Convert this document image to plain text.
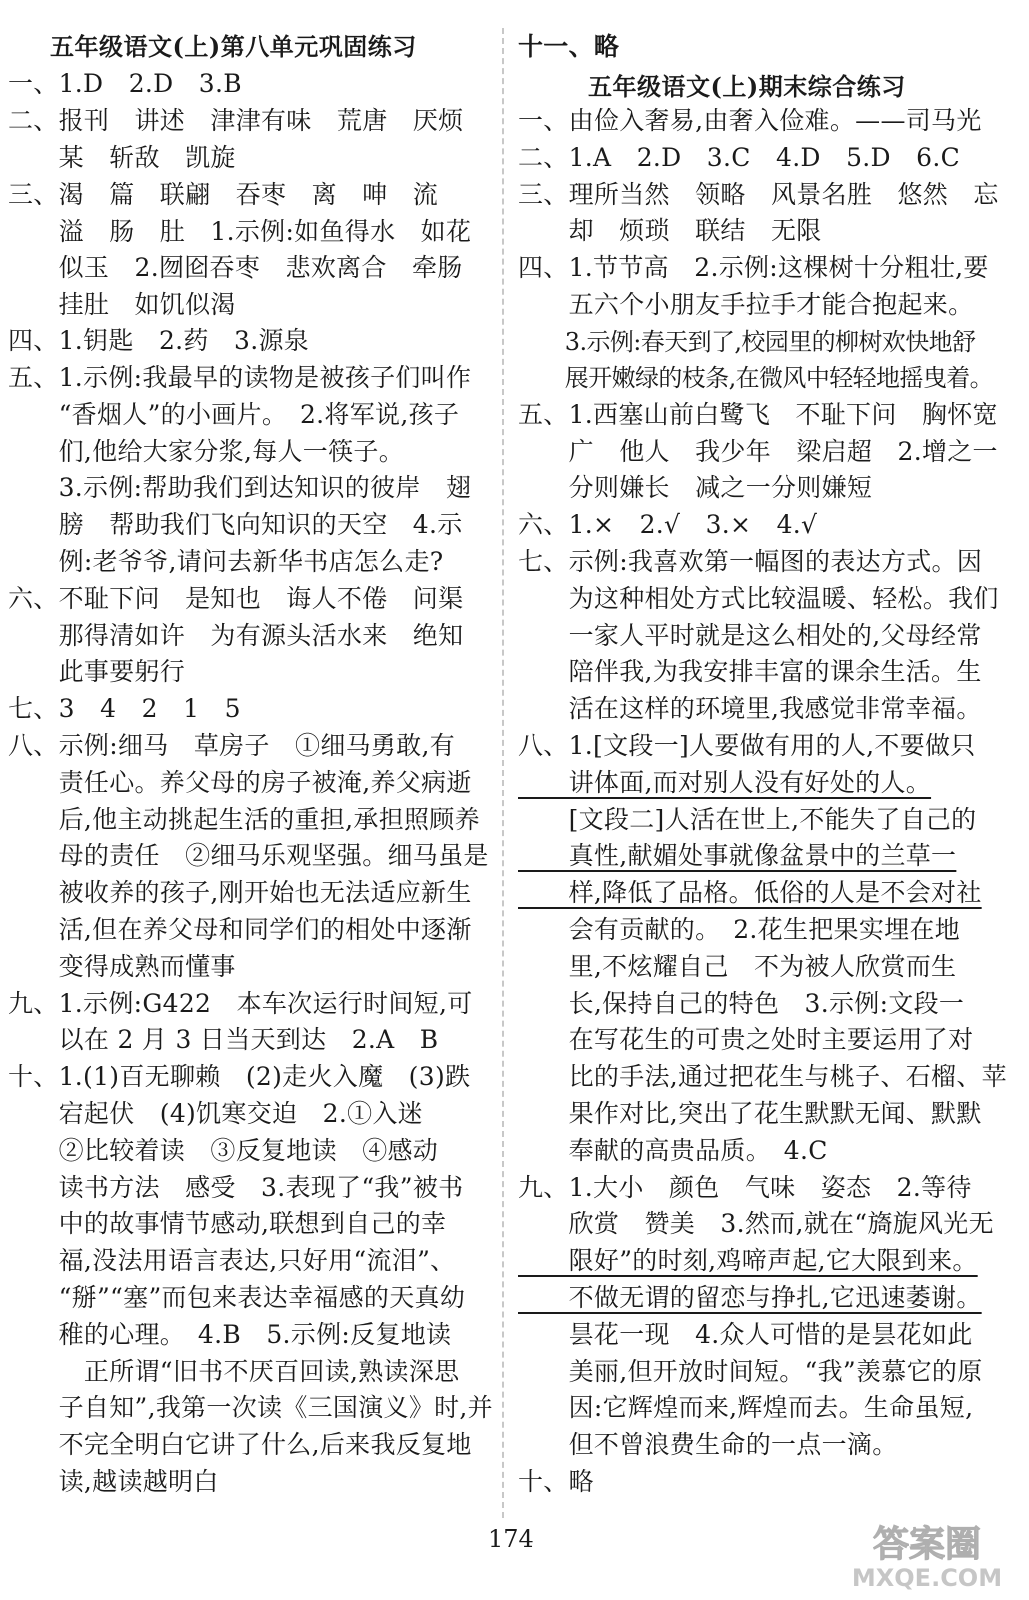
五年级语文(上)第八单元巩固练习
一、1.D　2.D　3.B
二、报刊　讲述　津津有味　荒唐　厌烦
　　某　斩敌　凯旋
三、渴　篇　联翩　吞枣　离　呻　流
　　溢　肠　肚　1.示例:如鱼得水　如花
　　似玉　2.囫囵吞枣　悲欢离合　牵肠
　　挂肚　如饥似渴
四、1.钥匙　2.药　3.源泉
五、1.示例:我最早的读物是被孩子们叫作
　　“香烟人”的小画片。　2.将军说,孩子
　　们,他给大家分浆,每人一筷子。
　　3.示例:帮助我们到达知识的彼岸　翅
　　膀　帮助我们飞向知识的天空　4.示
　　例:老爷爷,请问去新华书店怎么走?
六、不耻下问　是知也　诲人不倦　问渠
　　那得清如许　为有源头活水来　绝知
　　此事要躬行
七、3　4　2　1　5
八、示例:细马　草房子　①细马勇敢,有
　　责任心。养父母的房子被淹,养父病逝
　　后,他主动挑起生活的重担,承担照顾养
　　母的责任　②细马乐观坚强。细马虽是
　　被收养的孩子,刚开始也无法适应新生
　　活,但在养父母和同学们的相处中逐渐
　　变得成熟而懂事
九、1.示例:G422　本车次运行时间短,可
　　以在 2 月 3 日当天到达　2.A　B
十、1.(1)百无聊赖　(2)走火入魔　(3)跌
　　宕起伏　(4)饥寒交迫　2.①入迷
　　②比较着读　③反复地读　④感动
　　读书方法　感受　3.表现了“我”被书
　　中的故事情节感动,联想到自己的幸
　　福,没法用语言表达,只好用“流泪”、
　　“掰”“塞”而包来表达幸福感的天真幼
　　稚的心理。　4.B　5.示例:反复地读
　　　正所谓“旧书不厌百回读,熟读深思
　　子自知”,我第一次读《三国演义》时,并
　　不完全明白它讲了什么,后来我反复地
　　读,越读越明白
十一、略
五年级语文(上)期末综合练习
一、由俭入奢易,由奢入俭难。——司马光
二、1.A　2.D　3.C　4.D　5.D　6.C
三、理所当然　领略　风景名胜　悠然　忘
　　却　烦琐　联结　无限
四、1.节节高　2.示例:这棵树十分粗壮,要
　　五六个小朋友手拉手才能合抱起来。
　　3.示例:春天到了,校园里的柳树欢快地舒
　　展开嫩绿的枝条,在微风中轻轻地摇曳着。
五、1.西塞山前白鹭飞　不耻下问　胸怀宽
　　广　他人　我少年　梁启超　2.增之一
　　分则嫌长　减之一分则嫌短
六、1.×　2.√　3.×　4.√
七、示例:我喜欢第一幅图的表达方式。因
　　为这种相处方式比较温暖、轻松。我们
　　一家人平时就是这么相处的,父母经常
　　陪伴我,为我安排丰富的课余生活。生
　　活在这样的环境里,我感觉非常幸福。
八、1.[文段一]人要做有用的人,不要做只
　　讲体面,而对别人没有好处的人。
　　[文段二]人活在世上,不能失了自己的
　　真性,献媚处事就像盆景中的兰草一
　　样,降低了品格。低俗的人是不会对社
　　会有贡献的。　2.花生把果实埋在地
　　里,不炫耀自己　不为被人欣赏而生
　　长,保持自己的特色　3.示例:文段一
　　在写花生的可贵之处时主要运用了对
　　比的手法,通过把花生与桃子、石榴、苹
　　果作对比,突出了花生默默无闻、默默
　　奉献的高贵品质。　4.C
九、1.大小　颜色　气味　姿态　2.等待
　　欣赏　赞美　3.然而,就在“旖旎风光无
　　限好”的时刻,鸡啼声起,它大限到来。
　　不做无谓的留恋与挣扎,它迅速萎谢。
　　昙花一现　4.众人可惜的是昙花如此
　　美丽,但开放时间短。“我”羡慕它的原
　　因:它辉煌而来,辉煌而去。生命虽短,
　　但不曾浪费生命的一点一滴。
十、略
174	答案圈
MXQE.COM
